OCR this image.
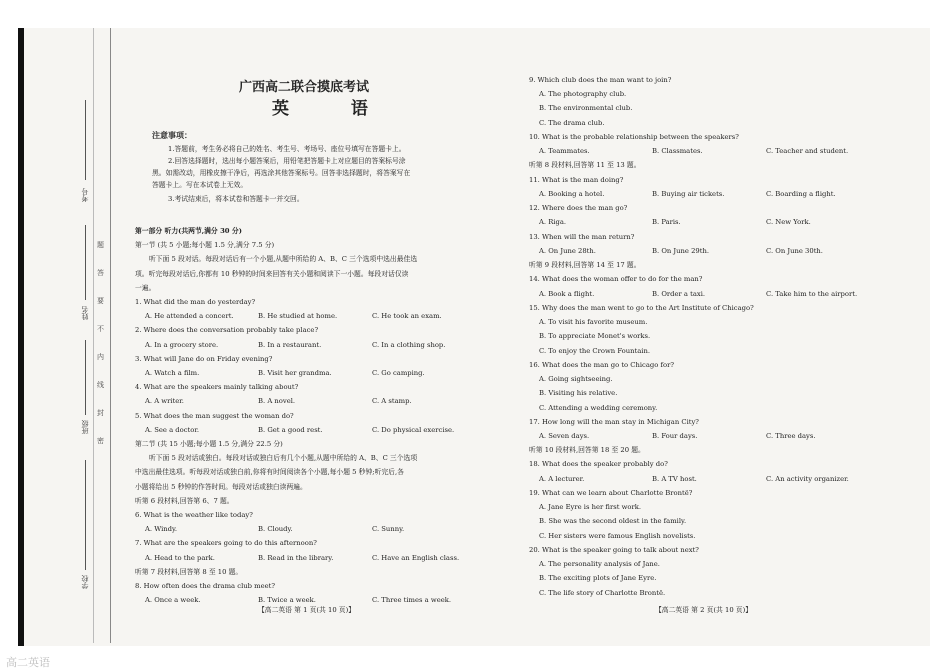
考号
姓名
班级
学校
题
答
要
不
内
线
封
密
广西高二联合摸底考试
英 语
注意事项：
1.答题前，考生务必将自己的姓名、考生号、考场号、座位号填写在答题卡上。
2.回答选择题时，选出每小题答案后，用铅笔把答题卡上对应题目的答案标号涂
黑。如需改动，用橡皮擦干净后，再选涂其他答案标号。回答非选择题时，将答案写在
答题卡上。写在本试卷上无效。
3.考试结束后，将本试卷和答题卡一并交回。
第一部分 听力(共两节,满分 30 分)
第一节 (共 5 小题;每小题 1.5 分,满分 7.5 分)
听下面 5 段对话。每段对话后有一个小题,从题中所给的 A、B、C 三个选项中选出最佳选
项。听完每段对话后,你都有 10 秒钟的时间来回答有关小题和阅读下一小题。每段对话仅读
一遍。
1. What did the man do yesterday?
A. He attended a concert.	B. He studied at home.	C. He took an exam.
2. Where does the conversation probably take place?
A. In a grocery store.	B. In a restaurant.	C. In a clothing shop.
3. What will Jane do on Friday evening?
A. Watch a film.	B. Visit her grandma.	C. Go camping.
4. What are the speakers mainly talking about?
A. A writer.	B. A novel.	C. A stamp.
5. What does the man suggest the woman do?
A. See a doctor.	B. Get a good rest.	C. Do physical exercise.
第二节 (共 15 小题;每小题 1.5 分,满分 22.5 分)
听下面 5 段对话或独白。每段对话或独白后有几个小题,从题中所给的 A、B、C 三个选项
中选出最佳选项。听每段对话或独白前,你将有时间阅读各个小题,每小题 5 秒钟;听完后,各
小题将给出 5 秒钟的作答时间。每段对话或独白读两遍。
听第 6 段材料,回答第 6、7 题。
6. What is the weather like today?
A. Windy.	B. Cloudy.	C. Sunny.
7. What are the speakers going to do this afternoon?
A. Head to the park.	B. Read in the library.	C. Have an English class.
听第 7 段材料,回答第 8 至 10 题。
8. How often does the drama club meet?
A. Once a week.	B. Twice a week.	C. Three times a week.
9. Which club does the man want to join?
A. The photography club.
B. The environmental club.
C. The drama club.
10. What is the probable relationship between the speakers?
A. Teammates.	B. Classmates.	C. Teacher and student.
听第 8 段材料,回答第 11 至 13 题。
11. What is the man doing?
A. Booking a hotel.	B. Buying air tickets.	C. Boarding a flight.
12. Where does the man go?
A. Riga.	B. Paris.	C. New York.
13. When will the man return?
A. On June 28th.	B. On June 29th.	C. On June 30th.
听第 9 段材料,回答第 14 至 17 题。
14. What does the woman offer to do for the man?
A. Book a flight.	B. Order a taxi.	C. Take him to the airport.
15. Why does the man went to go to the Art Institute of Chicago?
A. To visit his favorite museum.
B. To appreciate Monet's works.
C. To enjoy the Crown Fountain.
16. What does the man go to Chicago for?
A. Going sightseeing.
B. Visiting his relative.
C. Attending a wedding ceremony.
17. How long will the man stay in Michigan City?
A. Seven days.	B. Four days.	C. Three days.
听第 10 段材料,回答第 18 至 20 题。
18. What does the speaker probably do?
A. A lecturer.	B. A TV host.	C. An activity organizer.
19. What can we learn about Charlotte Brontë?
A. Jane Eyre is her first work.
B. She was the second oldest in the family.
C. Her sisters were famous English novelists.
20. What is the speaker going to talk about next?
A. The personality analysis of Jane.
B. The exciting plots of Jane Eyre.
C. The life story of Charlotte Brontë.
【高二英语 第 1 页(共 10 页)】	【高二英语 第 2 页(共 10 页)】
高二英语
